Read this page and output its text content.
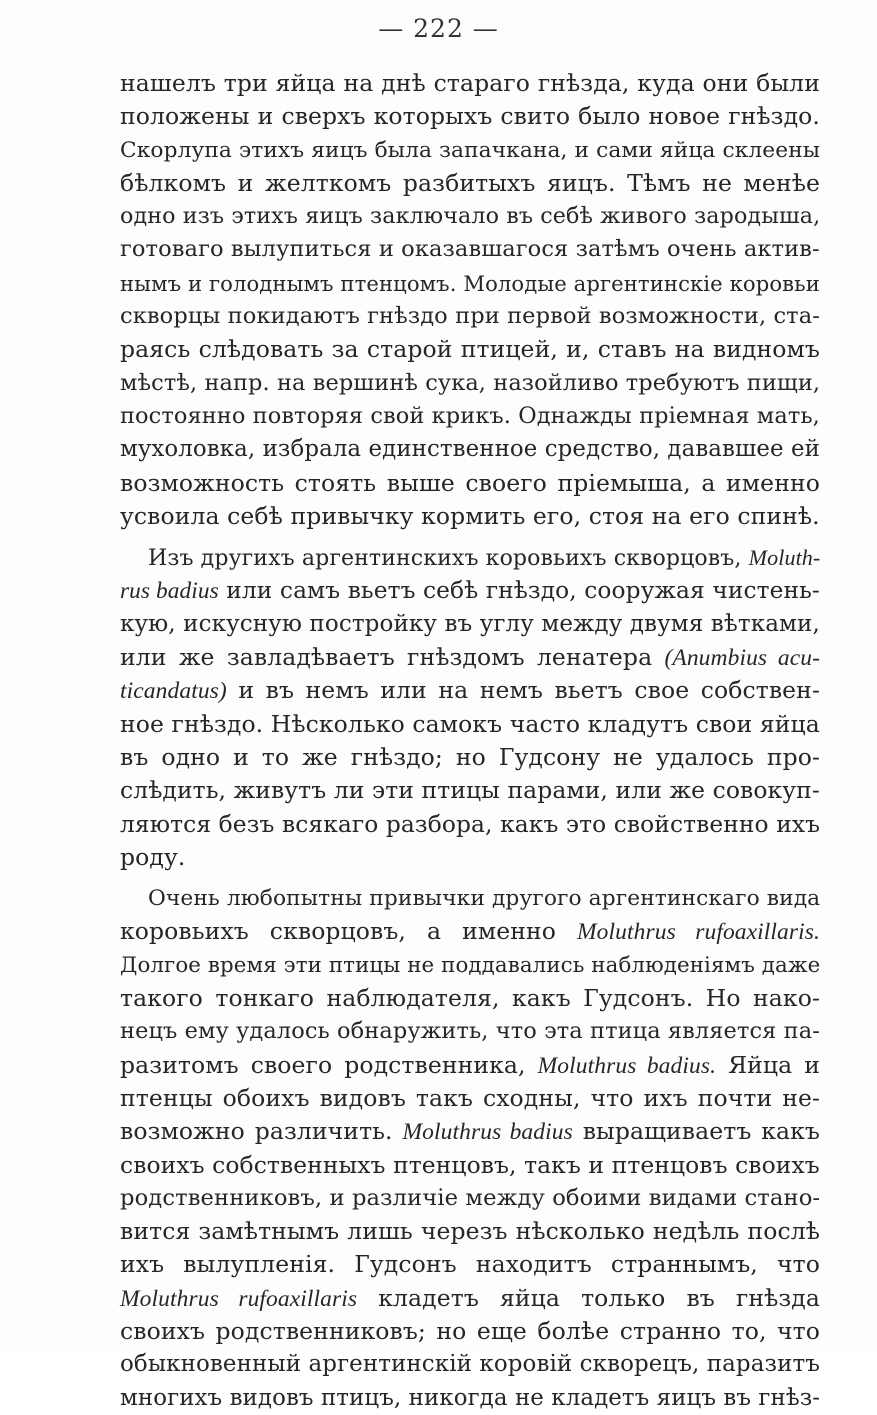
— 222 —
нашелъ три яйца на днѣ стараго гнѣзда, куда они были
положены и сверхъ которыхъ свито было новое гнѣздо.
Скорлупа этихъ яицъ была запачкана, и сами яйца склеены
бѣлкомъ и желткомъ разбитыхъ яицъ. Тѣмъ не менѣе
одно изъ этихъ яицъ заключало въ себѣ живого зародыша,
готоваго вылупиться и оказавшагося затѣмъ очень актив-
нымъ и голоднымъ птенцомъ. Молодые аргентинскіе коровьи
скворцы покидаютъ гнѣздо при первой возможности, ста-
раясь слѣдовать за старой птицей, и, ставъ на видномъ
мѣстѣ, напр. на вершинѣ сука, назойливо требуютъ пищи,
постоянно повторяя свой крикъ. Однажды пріемная мать,
мухоловка, избрала единственное средство, дававшее ей
возможность стоять выше своего пріемыша, а именно
усвоила себѣ привычку кормить его, стоя на его спинѣ.
Изъ другихъ аргентинскихъ коровьихъ скворцовъ, Moluth-
rus badius или самъ вьетъ себѣ гнѣздо, сооружая чистень-
кую, искусную постройку въ углу между двумя вѣтками,
или же завладѣваетъ гнѣздомъ ленатера (Anumbius acu-
ticandatus) и въ немъ или на немъ вьетъ свое собствен-
ное гнѣздо. Нѣсколько самокъ часто кладутъ свои яйца
въ одно и то же гнѣздо; но Гудсону не удалось про-
слѣдить, живутъ ли эти птицы парами, или же совокуп-
ляются безъ всякаго разбора, какъ это свойственно ихъ
роду.
Очень любопытны привычки другого аргентинскаго вида
коровьихъ скворцовъ, а именно Moluthrus rufoaxillaris.
Долгое время эти птицы не поддавались наблюденіямъ даже
такого тонкаго наблюдателя, какъ Гудсонъ. Но нако-
нецъ ему удалось обнаружить, что эта птица является па-
разитомъ своего родственника, Moluthrus badius. Яйца и
птенцы обоихъ видовъ такъ сходны, что ихъ почти не-
возможно различить. Moluthrus badius выращиваетъ какъ
своихъ собственныхъ птенцовъ, такъ и птенцовъ своихъ
родственниковъ, и различіе между обоими видами стано-
вится замѣтнымъ лишь черезъ нѣсколько недѣль послѣ
ихъ вылупленія. Гудсонъ находитъ страннымъ, что
Moluthrus rufoaxillaris кладетъ яйца только въ гнѣзда
своихъ родственниковъ; но еще болѣе странно то, что
обыкновенный аргентинскій коровій скворецъ, паразитъ
многихъ видовъ птицъ, никогда не кладетъ яицъ въ гнѣз-
